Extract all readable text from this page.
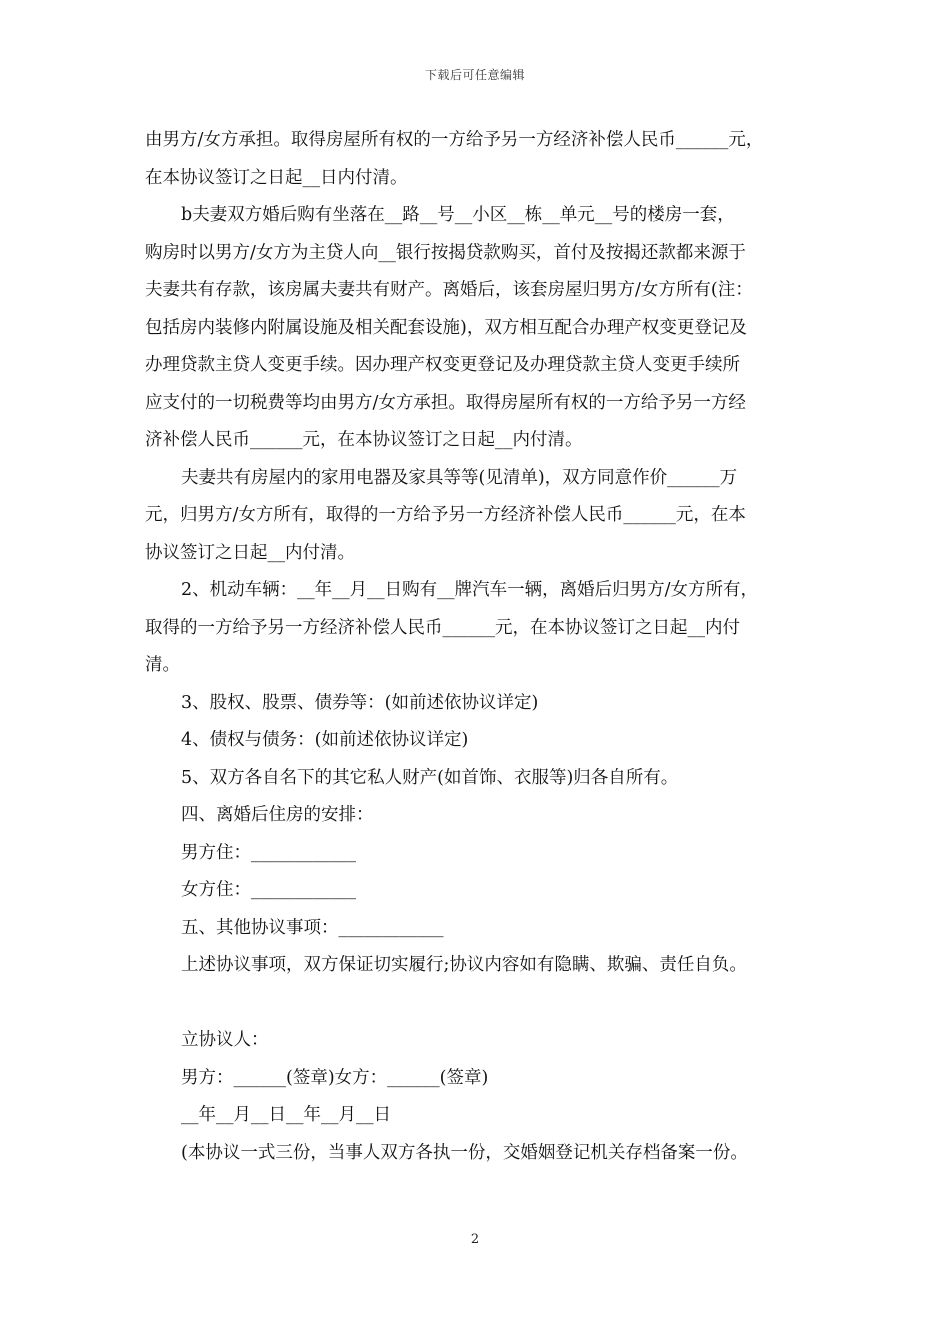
下载后可任意编辑
由男方/女方承担。取得房屋所有权的一方给予另一方经济补偿人民币______元，
在本协议签订之日起__日内付清。
b夫妻双方婚后购有坐落在__路__号__小区__栋__单元__号的楼房一套，
购房时以男方/女方为主贷人向__银行按揭贷款购买，首付及按揭还款都来源于
夫妻共有存款，该房属夫妻共有财产。离婚后，该套房屋归男方/女方所有(注：
包括房内装修内附属设施及相关配套设施)，双方相互配合办理产权变更登记及
办理贷款主贷人变更手续。因办理产权变更登记及办理贷款主贷人变更手续所
应支付的一切税费等均由男方/女方承担。取得房屋所有权的一方给予另一方经
济补偿人民币______元，在本协议签订之日起__内付清。
夫妻共有房屋内的家用电器及家具等等(见清单)，双方同意作价______万
元，归男方/女方所有，取得的一方给予另一方经济补偿人民币______元，在本
协议签订之日起__内付清。
2、机动车辆：__年__月__日购有__牌汽车一辆，离婚后归男方/女方所有，
取得的一方给予另一方经济补偿人民币______元，在本协议签订之日起__内付
清。
3、股权、股票、债券等：(如前述依协议详定)
4、债权与债务：(如前述依协议详定)
5、双方各自名下的其它私人财产(如首饰、衣服等)归各自所有。
四、离婚后住房的安排：
男方住：____________
女方住：____________
五、其他协议事项：____________
上述协议事项，双方保证切实履行;协议内容如有隐瞒、欺骗、责任自负。
立协议人：
男方：______(签章)女方：______(签章)
__年__月__日__年__月__日
(本协议一式三份，当事人双方各执一份，交婚姻登记机关存档备案一份。
2
